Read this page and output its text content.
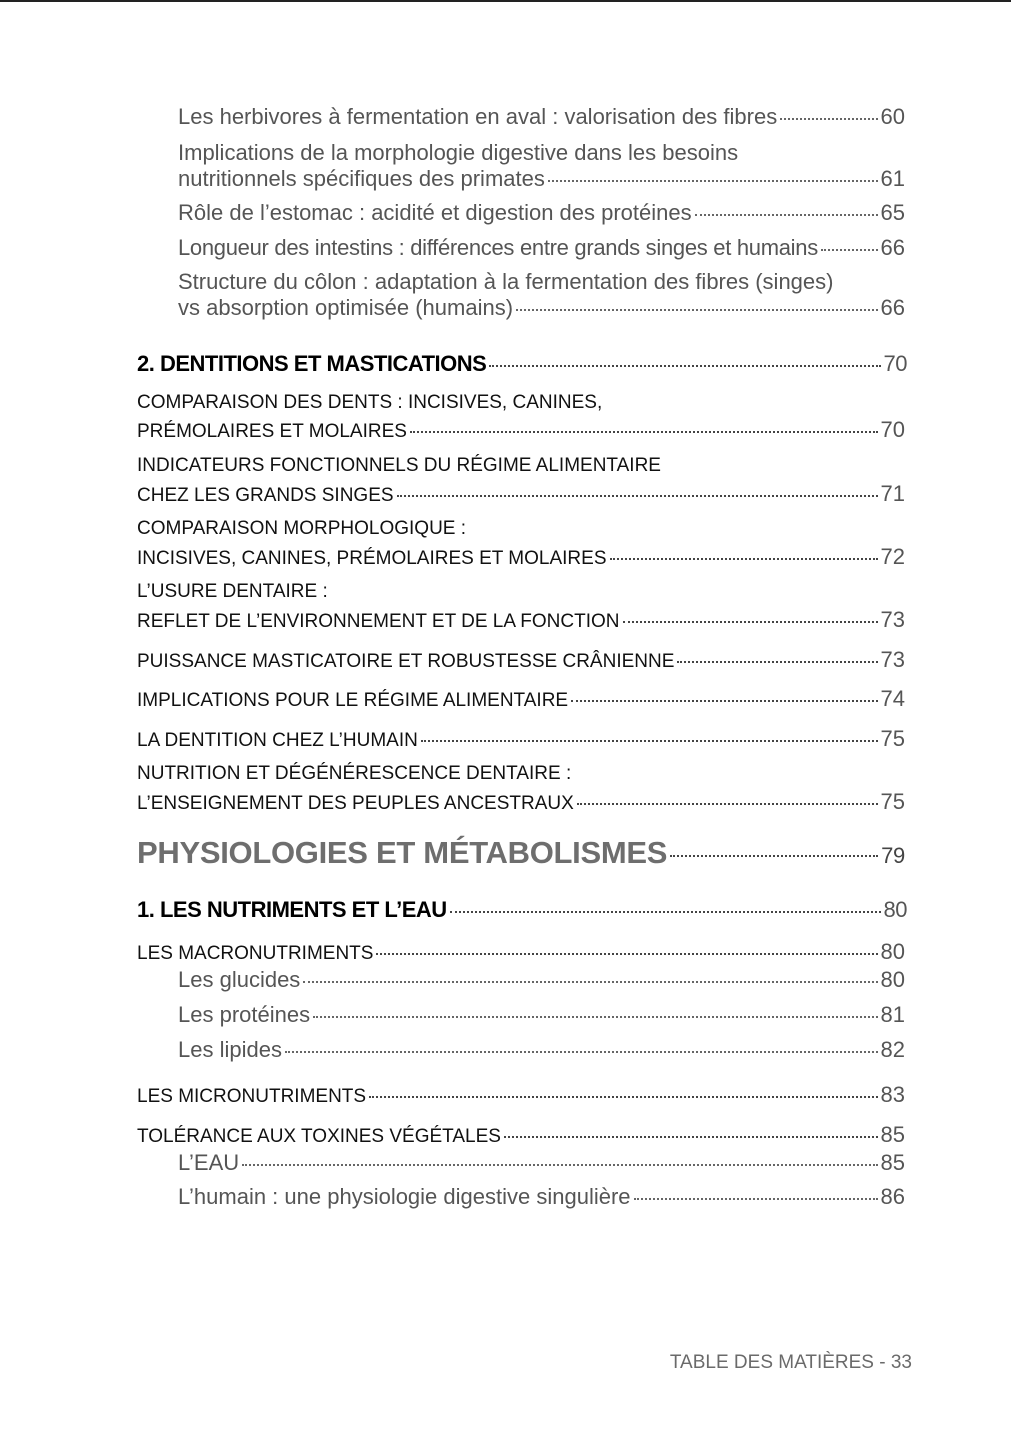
Les herbivores à fermentation en aval : valorisation des fibres	60
Implications de la morphologie digestive dans les besoins
nutritionnels spécifiques des primates	61
Rôle de l’estomac : acidité et digestion des protéines	65
Longueur des intestins : différences entre grands singes et humains	66
Structure du côlon : adaptation à la fermentation des fibres (singes)
vs absorption optimisée (humains)	66
2. DENTITIONS ET MASTICATIONS	70
COMPARAISON DES DENTS : INCISIVES, CANINES,
PRÉMOLAIRES ET MOLAIRES	70
INDICATEURS FONCTIONNELS DU RÉGIME ALIMENTAIRE
CHEZ LES GRANDS SINGES	71
COMPARAISON MORPHOLOGIQUE :
INCISIVES, CANINES, PRÉMOLAIRES ET MOLAIRES	72
L’USURE DENTAIRE :
REFLET DE L’ENVIRONNEMENT ET DE LA FONCTION	73
PUISSANCE MASTICATOIRE ET ROBUSTESSE CRÂNIENNE	73
IMPLICATIONS POUR LE RÉGIME ALIMENTAIRE	74
LA DENTITION CHEZ L’HUMAIN	75
NUTRITION ET DÉGÉNÉRESCENCE DENTAIRE :
L’ENSEIGNEMENT DES PEUPLES ANCESTRAUX	75
PHYSIOLOGIES ET MÉTABOLISMES	79
1. LES NUTRIMENTS ET L’EAU	80
LES MACRONUTRIMENTS	80
Les glucides	80
Les protéines	81
Les lipides	82
LES MICRONUTRIMENTS	83
TOLÉRANCE AUX TOXINES VÉGÉTALES	85
L’EAU	85
L’humain : une physiologie digestive singulière	86
TABLE DES MATIÈRES - 33
